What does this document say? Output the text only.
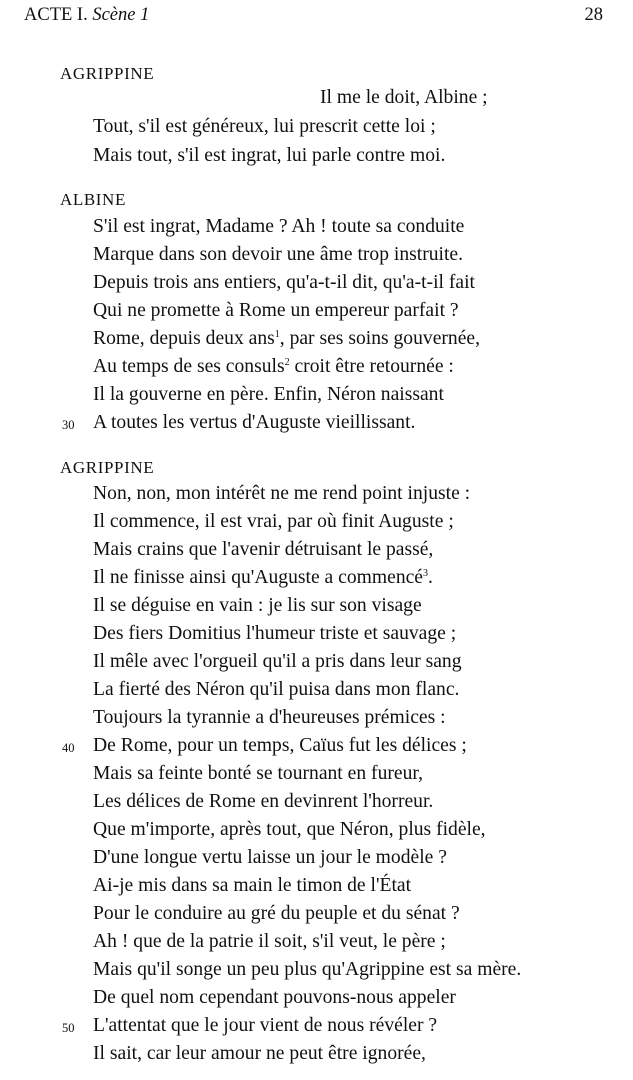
ACTE I. Scène 1	28
AGRIPPINE
Il me le doit, Albine ;
Tout, s'il est généreux, lui prescrit cette loi ;
Mais tout, s'il est ingrat, lui parle contre moi.
ALBINE
S'il est ingrat, Madame ? Ah ! toute sa conduite
Marque dans son devoir une âme trop instruite.
Depuis trois ans entiers, qu'a-t-il dit, qu'a-t-il fait
Qui ne promette à Rome un empereur parfait ?
Rome, depuis deux ans$^1$, par ses soins gouvernée,
Au temps de ses consuls$^2$ croit être retournée :
Il la gouverne en père. Enfin, Néron naissant
A toutes les vertus d'Auguste vieillissant.
30
AGRIPPINE
Non, non, mon intérêt ne me rend point injuste :
Il commence, il est vrai, par où finit Auguste ;
Mais crains que l'avenir détruisant le passé,
Il ne finisse ainsi qu'Auguste a commencé$^3$.
Il se déguise en vain : je lis sur son visage
Des fiers Domitius l'humeur triste et sauvage ;
Il mêle avec l'orgueil qu'il a pris dans leur sang
La fierté des Néron qu'il puisa dans mon flanc.
Toujours la tyrannie a d'heureuses prémices :
De Rome, pour un temps, Caïus fut les délices ;
40
Mais sa feinte bonté se tournant en fureur,
Les délices de Rome en devinrent l'horreur.
Que m'importe, après tout, que Néron, plus fidèle,
D'une longue vertu laisse un jour le modèle ?
Ai-je mis dans sa main le timon de l'État
Pour le conduire au gré du peuple et du sénat ?
Ah ! que de la patrie il soit, s'il veut, le père ;
Mais qu'il songe un peu plus qu'Agrippine est sa mère.
De quel nom cependant pouvons-nous appeler
L'attentat que le jour vient de nous révéler ?
50
Il sait, car leur amour ne peut être ignorée,
